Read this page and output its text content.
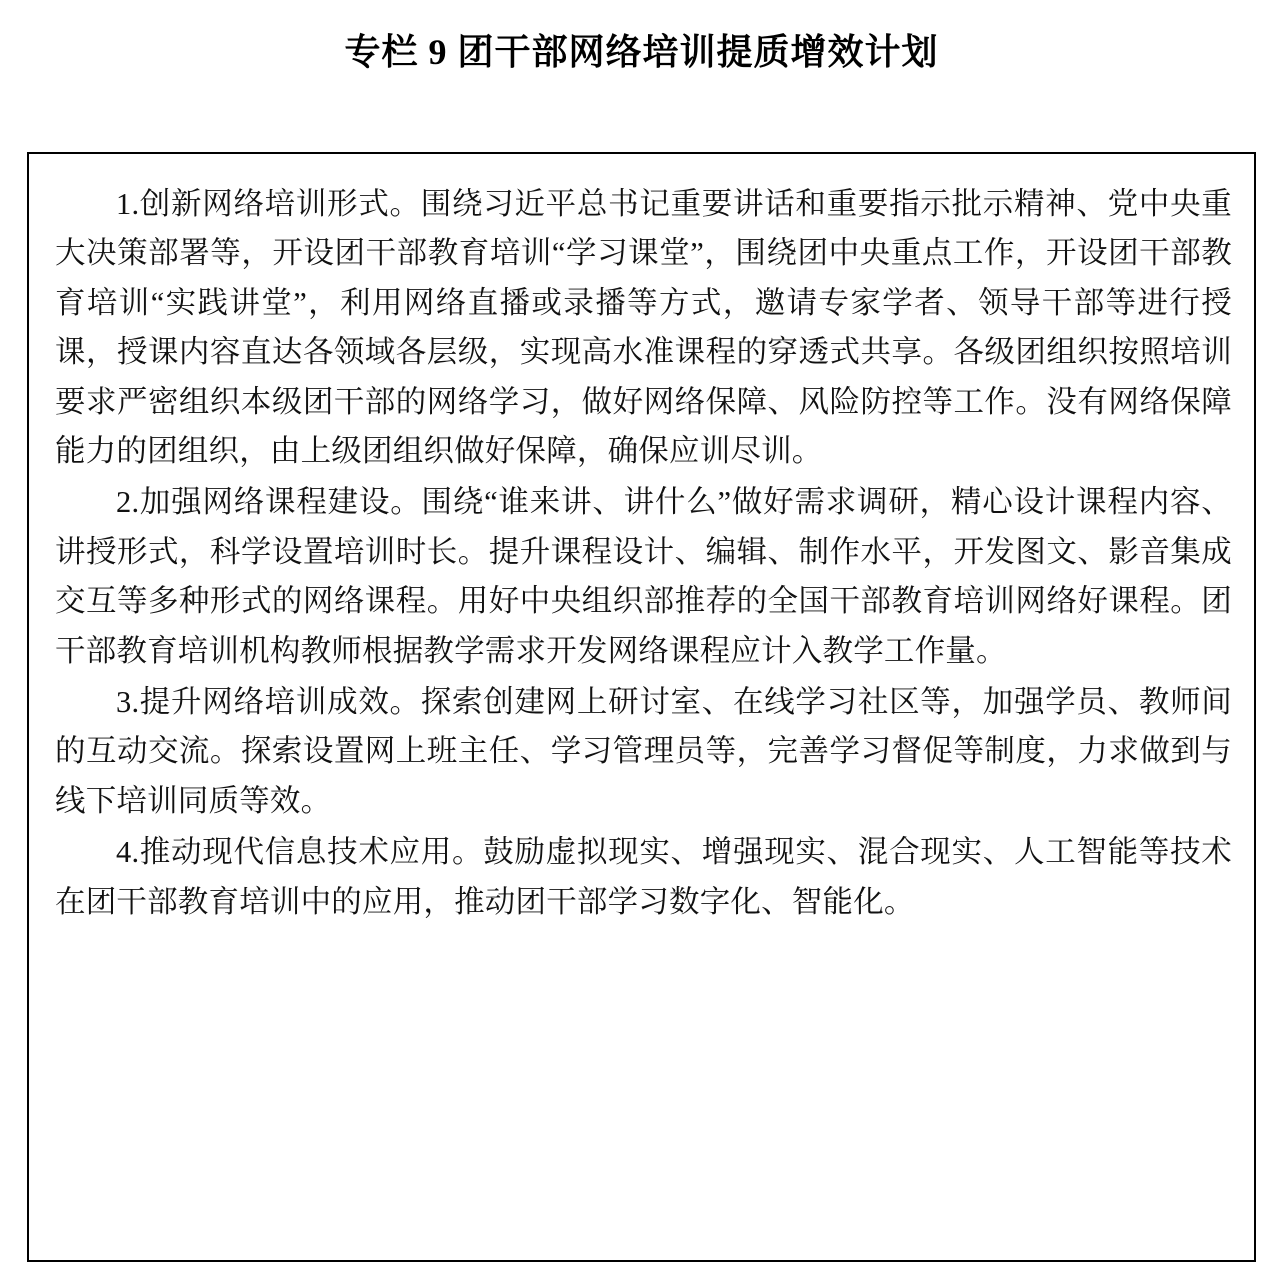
专栏 9 团干部网络培训提质增效计划

1.创新网络培训形式。围绕习近平总书记重要讲话和重要指示批示精神、党中央重大决策部署等，开设团干部教育培训“学习课堂”，围绕团中央重点工作，开设团干部教育培训“实践讲堂”，利用网络直播或录播等方式，邀请专家学者、领导干部等进行授课，授课内容直达各领域各层级，实现高水准课程的穿透式共享。各级团组织按照培训要求严密组织本级团干部的网络学习，做好网络保障、风险防控等工作。没有网络保障能力的团组织，由上级团组织做好保障，确保应训尽训。

2.加强网络课程建设。围绕“谁来讲、讲什么”做好需求调研，精心设计课程内容、讲授形式，科学设置培训时长。提升课程设计、编辑、制作水平，开发图文、影音集成交互等多种形式的网络课程。用好中央组织部推荐的全国干部教育培训网络好课程。团干部教育培训机构教师根据教学需求开发网络课程应计入教学工作量。

3.提升网络培训成效。探索创建网上研讨室、在线学习社区等，加强学员、教师间的互动交流。探索设置网上班主任、学习管理员等，完善学习督促等制度，力求做到与线下培训同质等效。

4.推动现代信息技术应用。鼓励虚拟现实、增强现实、混合现实、人工智能等技术在团干部教育培训中的应用，推动团干部学习数字化、智能化。
